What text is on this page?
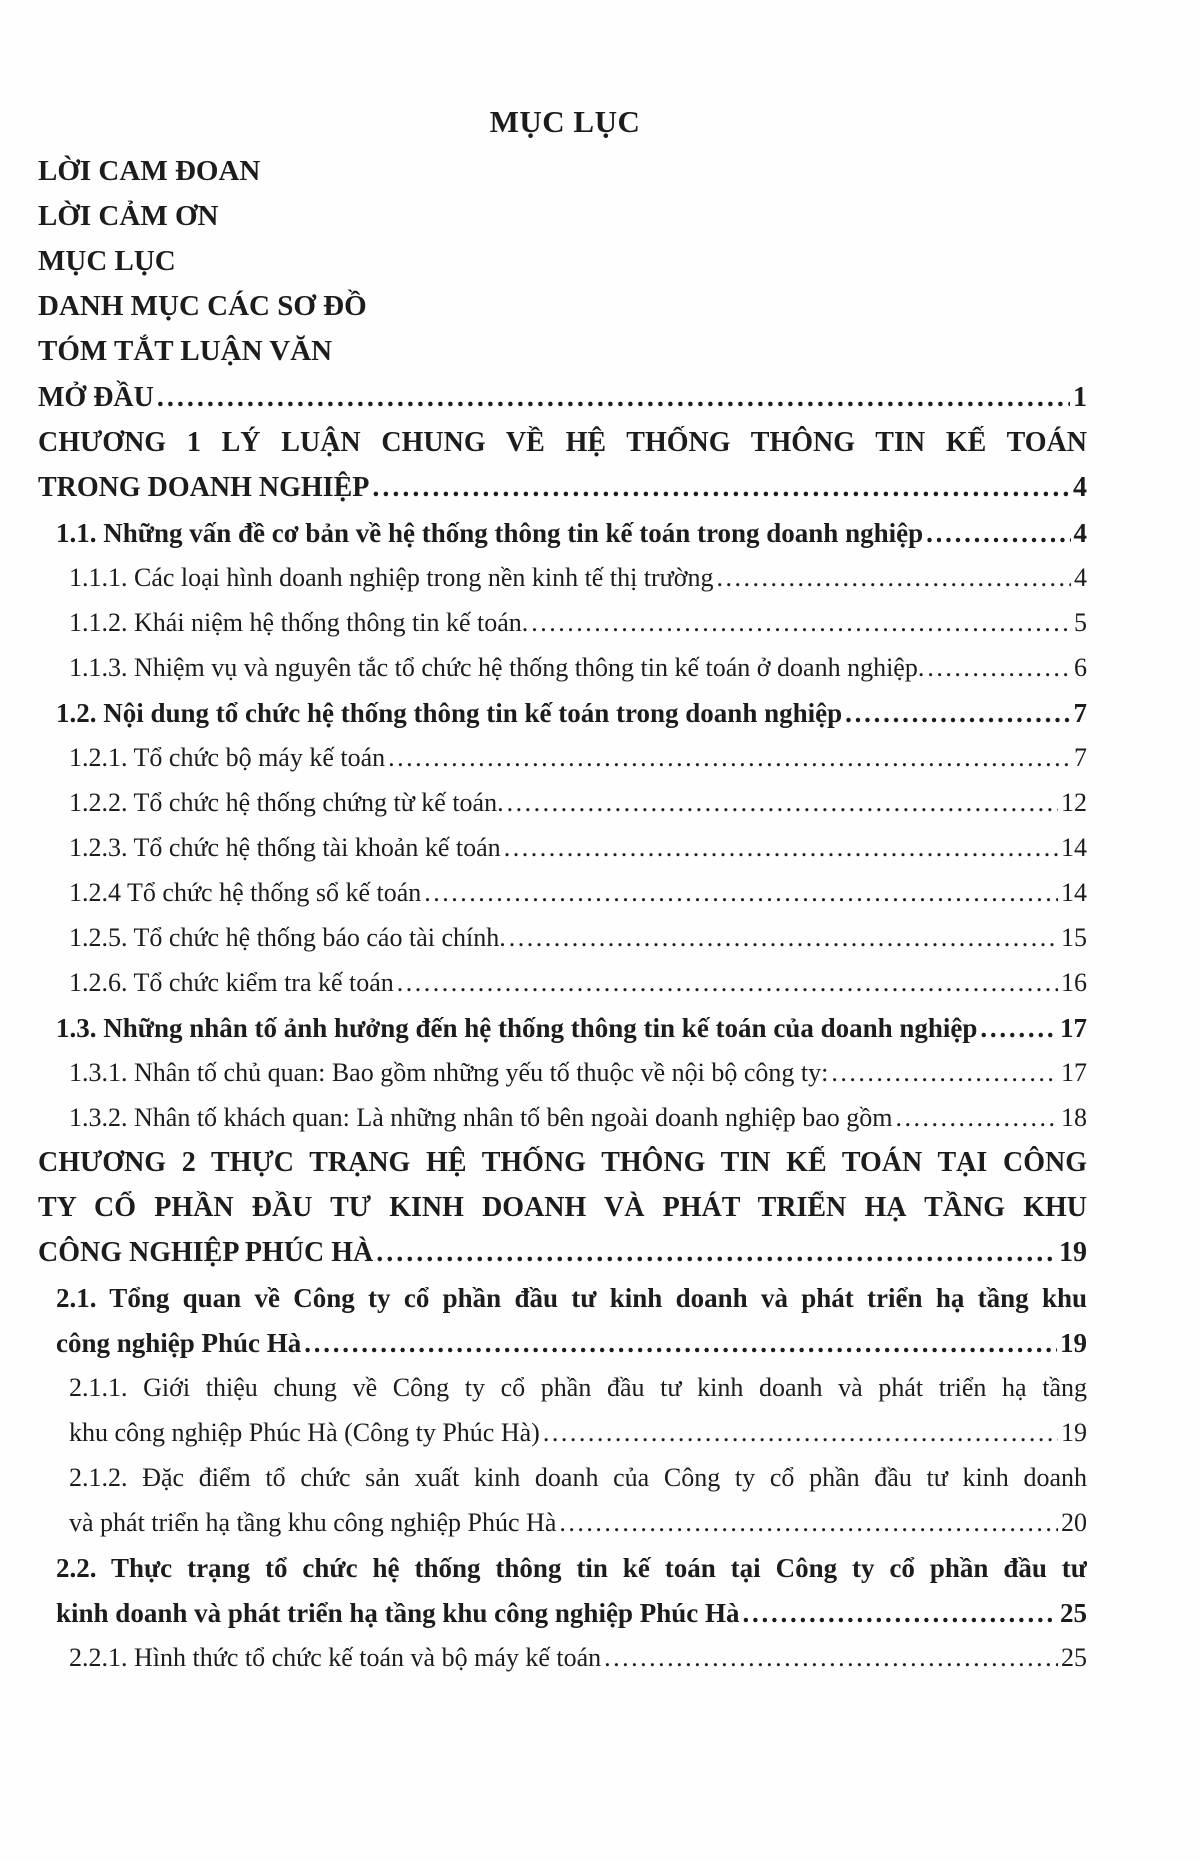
MỤC LỤC
LỜI CAM ĐOAN
LỜI CẢM ƠN
MỤC LỤC
DANH MỤC CÁC SƠ ĐỒ
TÓM TẮT LUẬN VĂN
MỞ ĐẦU . . .	1
CHƯƠNG 1 LÝ LUẬN CHUNG VỀ HỆ THỐNG THÔNG TIN KẾ TOÁN
TRONG DOANH NGHIỆP . . .	4
1.1. Những vấn đề cơ bản về hệ thống thông tin kế toán trong doanh nghiệp . . .	4
1.1.1. Các loại hình doanh nghiệp trong nền kinh tế thị trường . . .	4
1.1.2. Khái niệm hệ thống thông tin kế toán. . . .	5
1.1.3. Nhiệm vụ và nguyên tắc tổ chức hệ thống thông tin kế toán ở doanh nghiệp. . . .	6
1.2. Nội dung tổ chức hệ thống thông tin kế toán trong doanh nghiệp . . .	7
1.2.1. Tổ chức bộ máy kế toán . . .	7
1.2.2. Tổ chức hệ thống chứng từ kế toán. . . .	12
1.2.3. Tổ chức hệ thống tài khoản kế toán . . .	14
1.2.4 Tổ chức hệ thống sổ kế toán . . .	14
1.2.5. Tổ chức hệ thống báo cáo tài chính. . . .	15
1.2.6. Tổ chức kiểm tra kế toán . . .	16
1.3. Những nhân tố ảnh hưởng đến hệ thống thông tin kế toán của doanh nghiệp . . .	17
1.3.1. Nhân tố chủ quan: Bao gồm những yếu tố thuộc về nội bộ công ty: . . .	17
1.3.2. Nhân tố khách quan: Là những nhân tố bên ngoài doanh nghiệp bao gồm . . .	18
CHƯƠNG 2 THỰC TRẠNG HỆ THỐNG THÔNG TIN KẾ TOÁN TẠI CÔNG
TY CỔ PHẦN ĐẦU TƯ KINH DOANH VÀ PHÁT TRIỂN HẠ TẦNG KHU
CÔNG NGHIỆP PHÚC HÀ . . .	19
2.1. Tổng quan về Công ty cổ phần đầu tư kinh doanh và phát triển hạ tầng khu
công nghiệp Phúc Hà . . .	19
2.1.1. Giới thiệu chung về Công ty cổ phần đầu tư kinh doanh và phát triển hạ tầng
khu công nghiệp Phúc Hà (Công ty Phúc Hà) . . .	19
2.1.2. Đặc điểm tổ chức sản xuất kinh doanh của Công ty cổ phần đầu tư kinh doanh
và phát triển hạ tầng khu công nghiệp Phúc Hà . . .	20
2.2. Thực trạng tổ chức hệ thống thông tin kế toán tại Công ty cổ phần đầu tư
kinh doanh và phát triển hạ tầng khu công nghiệp Phúc Hà . . .	25
2.2.1. Hình thức tổ chức kế toán và bộ máy kế toán . . .	25
